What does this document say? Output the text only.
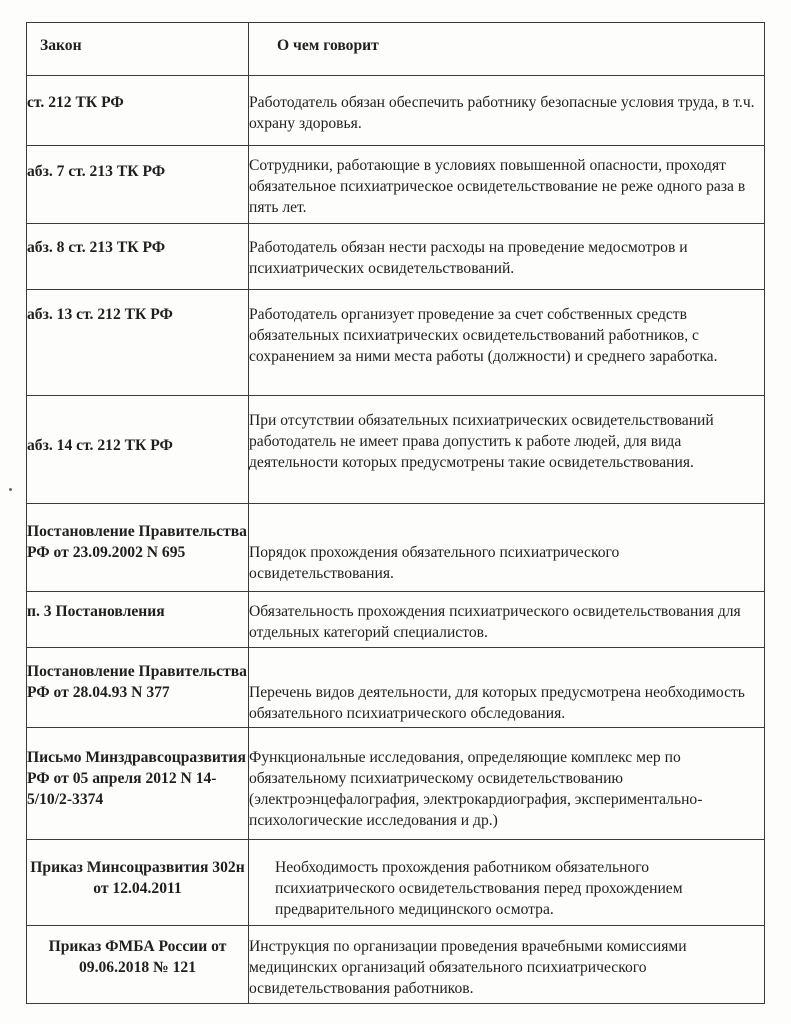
Закон	О чем говорит
ст. 212 ТК РФ	Работодатель обязан обеспечить работнику безопасные условия труда, в т.ч. охрану здоровья.
абз. 7 ст. 213 ТК РФ	Сотрудники, работающие в условиях повышенной опасности, проходят обязательное психиатрическое освидетельствование не реже одного раза в пять лет.
абз. 8 ст. 213 ТК РФ	Работодатель обязан нести расходы на проведение медосмотров и психиатрических освидетельствований.
абз. 13 ст. 212 ТК РФ	Работодатель организует проведение за счет собственных средств обязательных психиатрических освидетельствований работников, с сохранением за ними места работы (должности) и среднего заработка.
абз. 14 ст. 212 ТК РФ	При отсутствии обязательных психиатрических освидетельствований работодатель не имеет права допустить к работе людей, для вида деятельности которых предусмотрены такие освидетельствования.
Постановление Правительства РФ от 23.09.2002 N 695	Порядок прохождения обязательного психиатрического освидетельствования.
п. 3 Постановления	Обязательность прохождения психиатрического освидетельствования для отдельных категорий специалистов.
Постановление Правительства РФ от 28.04.93 N 377	Перечень видов деятельности, для которых предусмотрена необходимость обязательного психиатрического обследования.
Письмо Минздравсоцразвития РФ от 05 апреля 2012 N 14-5/10/2-3374	Функциональные исследования, определяющие комплекс мер по обязательному психиатрическому освидетельствованию (электроэнцефалография, электрокардиография, экспериментально-психологические исследования и др.)
Приказ Минсоцразвития 302н от 12.04.2011	Необходимость прохождения работником обязательного психиатрического освидетельствования перед прохождением предварительного медицинского осмотра.
Приказ ФМБА России от 09.06.2018 № 121	Инструкция по организации проведения врачебными комиссиями медицинских организаций обязательного психиатрического освидетельствования работников.
